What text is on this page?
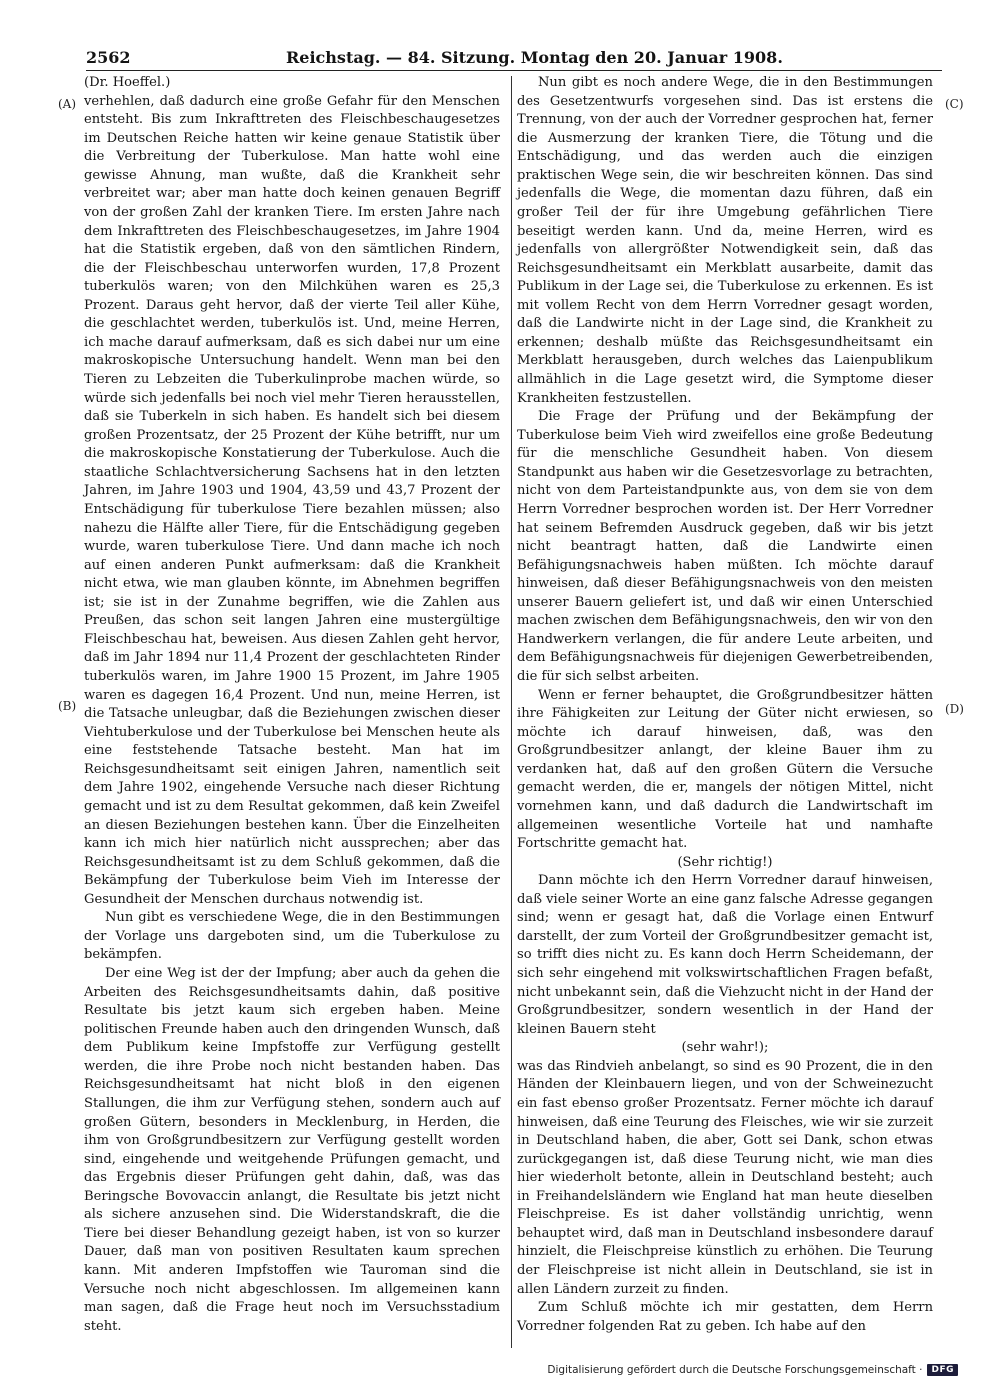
2562	Reichstag. — 84. Sitzung. Montag den 20. Januar 1908.
(A)
(B)
(C)
(D)

(Dr. Hoeffel.)

verhehlen, daß dadurch eine große Gefahr für den Menschen entsteht. Bis zum Inkrafttreten des Fleischbeschaugesetzes im Deutschen Reiche hatten wir keine genaue Statistik über die Verbreitung der Tuberkulose. Man hatte wohl eine gewisse Ahnung, man wußte, daß die Krankheit sehr verbreitet war; aber man hatte doch keinen genauen Begriff von der großen Zahl der kranken Tiere. Im ersten Jahre nach dem Inkrafttreten des Fleischbeschaugesetzes, im Jahre 1904 hat die Statistik ergeben, daß von den sämtlichen Rindern, die der Fleischbeschau unterworfen wurden, 17,8 Prozent tuberkulös waren; von den Milchkühen waren es 25,3 Prozent. Daraus geht hervor, daß der vierte Teil aller Kühe, die geschlachtet werden, tuberkulös ist. Und, meine Herren, ich mache darauf aufmerksam, daß es sich dabei nur um eine makroskopische Untersuchung handelt. Wenn man bei den Tieren zu Lebzeiten die Tuberkulinprobe machen würde, so würde sich jedenfalls bei noch viel mehr Tieren herausstellen, daß sie Tuberkeln in sich haben. Es handelt sich bei diesem großen Prozentsatz, der 25 Prozent der Kühe betrifft, nur um die makroskopische Konstatierung der Tuberkulose. Auch die staatliche Schlachtversicherung Sachsens hat in den letzten Jahren, im Jahre 1903 und 1904, 43,59 und 43,7 Prozent der Entschädigung für tuberkulose Tiere bezahlen müssen; also nahezu die Hälfte aller Tiere, für die Entschädigung gegeben wurde, waren tuberkulose Tiere. Und dann mache ich noch auf einen anderen Punkt aufmerksam: daß die Krankheit nicht etwa, wie man glauben könnte, im Abnehmen begriffen ist; sie ist in der Zunahme begriffen, wie die Zahlen aus Preußen, das schon seit langen Jahren eine mustergültige Fleischbeschau hat, beweisen. Aus diesen Zahlen geht hervor, daß im Jahr 1894 nur 11,4 Prozent der geschlachteten Rinder tuberkulös waren, im Jahre 1900 15 Prozent, im Jahre 1905 waren es dagegen 16,4 Prozent. Und nun, meine Herren, ist die Tatsache unleugbar, daß die Beziehungen zwischen dieser Viehtuberkulose und der Tuberkulose bei Menschen heute als eine feststehende Tatsache besteht. Man hat im Reichsgesundheitsamt seit einigen Jahren, namentlich seit dem Jahre 1902, eingehende Versuche nach dieser Richtung gemacht und ist zu dem Resultat gekommen, daß kein Zweifel an diesen Beziehungen bestehen kann. Über die Einzelheiten kann ich mich hier natürlich nicht aussprechen; aber das Reichsgesundheitsamt ist zu dem Schluß gekommen, daß die Bekämpfung der Tuberkulose beim Vieh im Interesse der Gesundheit der Menschen durchaus notwendig ist.

Nun gibt es verschiedene Wege, die in den Bestimmungen der Vorlage uns dargeboten sind, um die Tuberkulose zu bekämpfen.

Der eine Weg ist der der Impfung; aber auch da gehen die Arbeiten des Reichsgesundheitsamts dahin, daß positive Resultate bis jetzt kaum sich ergeben haben. Meine politischen Freunde haben auch den dringenden Wunsch, daß dem Publikum keine Impfstoffe zur Verfügung gestellt werden, die ihre Probe noch nicht bestanden haben. Das Reichsgesundheitsamt hat nicht bloß in den eigenen Stallungen, die ihm zur Verfügung stehen, sondern auch auf großen Gütern, besonders in Mecklenburg, in Herden, die ihm von Großgrundbesitzern zur Verfügung gestellt worden sind, eingehende und weitgehende Prüfungen gemacht, und das Ergebnis dieser Prüfungen geht dahin, daß, was das Beringsche Bovovaccin anlangt, die Resultate bis jetzt nicht als sichere anzusehen sind. Die Widerstandskraft, die die Tiere bei dieser Behandlung gezeigt haben, ist von so kurzer Dauer, daß man von positiven Resultaten kaum sprechen kann. Mit anderen Impfstoffen wie Tauroman sind die Versuche noch nicht abgeschlossen. Im allgemeinen kann man sagen, daß die Frage heut noch im Versuchsstadium steht.

Nun gibt es noch andere Wege, die in den Bestimmungen des Gesetzentwurfs vorgesehen sind. Das ist erstens die Trennung, von der auch der Vorredner gesprochen hat, ferner die Ausmerzung der kranken Tiere, die Tötung und die Entschädigung, und das werden auch die einzigen praktischen Wege sein, die wir beschreiten können. Das sind jedenfalls die Wege, die momentan dazu führen, daß ein großer Teil der für ihre Umgebung gefährlichen Tiere beseitigt werden kann. Und da, meine Herren, wird es jedenfalls von allergrößter Notwendigkeit sein, daß das Reichsgesundheitsamt ein Merkblatt ausarbeite, damit das Publikum in der Lage sei, die Tuberkulose zu erkennen. Es ist mit vollem Recht von dem Herrn Vorredner gesagt worden, daß die Landwirte nicht in der Lage sind, die Krankheit zu erkennen; deshalb müßte das Reichsgesundheitsamt ein Merkblatt herausgeben, durch welches das Laienpublikum allmählich in die Lage gesetzt wird, die Symptome dieser Krankheiten festzustellen.

Die Frage der Prüfung und der Bekämpfung der Tuberkulose beim Vieh wird zweifellos eine große Bedeutung für die menschliche Gesundheit haben. Von diesem Standpunkt aus haben wir die Gesetzesvorlage zu betrachten, nicht von dem Parteistandpunkte aus, von dem sie von dem Herrn Vorredner besprochen worden ist. Der Herr Vorredner hat seinem Befremden Ausdruck gegeben, daß wir bis jetzt nicht beantragt hatten, daß die Landwirte einen Befähigungsnachweis haben müßten. Ich möchte darauf hinweisen, daß dieser Befähigungsnachweis von den meisten unserer Bauern geliefert ist, und daß wir einen Unterschied machen zwischen dem Befähigungsnachweis, den wir von den Handwerkern verlangen, die für andere Leute arbeiten, und dem Befähigungsnachweis für diejenigen Gewerbetreibenden, die für sich selbst arbeiten.

Wenn er ferner behauptet, die Großgrundbesitzer hätten ihre Fähigkeiten zur Leitung der Güter nicht erwiesen, so möchte ich darauf hinweisen, daß, was den Großgrundbesitzer anlangt, der kleine Bauer ihm zu verdanken hat, daß auf den großen Gütern die Versuche gemacht werden, die er, mangels der nötigen Mittel, nicht vornehmen kann, und daß dadurch die Landwirtschaft im allgemeinen wesentliche Vorteile hat und namhafte Fortschritte gemacht hat.

(Sehr richtig!)

Dann möchte ich den Herrn Vorredner darauf hinweisen, daß viele seiner Worte an eine ganz falsche Adresse gegangen sind; wenn er gesagt hat, daß die Vorlage einen Entwurf darstellt, der zum Vorteil der Großgrundbesitzer gemacht ist, so trifft dies nicht zu. Es kann doch Herrn Scheidemann, der sich sehr eingehend mit volkswirtschaftlichen Fragen befaßt, nicht unbekannt sein, daß die Viehzucht nicht in der Hand der Großgrundbesitzer, sondern wesentlich in der Hand der kleinen Bauern steht

(sehr wahr!);

was das Rindvieh anbelangt, so sind es 90 Prozent, die in den Händen der Kleinbauern liegen, und von der Schweinezucht ein fast ebenso großer Prozentsatz. Ferner möchte ich darauf hinweisen, daß eine Teurung des Fleisches, wie wir sie zurzeit in Deutschland haben, die aber, Gott sei Dank, schon etwas zurückgegangen ist, daß diese Teurung nicht, wie man dies hier wiederholt betonte, allein in Deutschland besteht; auch in Freihandelsländern wie England hat man heute dieselben Fleischpreise. Es ist daher vollständig unrichtig, wenn behauptet wird, daß man in Deutschland insbesondere darauf hinzielt, die Fleischpreise künstlich zu erhöhen. Die Teurung der Fleischpreise ist nicht allein in Deutschland, sie ist in allen Ländern zurzeit zu finden.

Zum Schluß möchte ich mir gestatten, dem Herrn Vorredner folgenden Rat zu geben. Ich habe auf den

Digitalisierung gefördert durch die Deutsche Forschungsgemeinschaft ·	DFG
